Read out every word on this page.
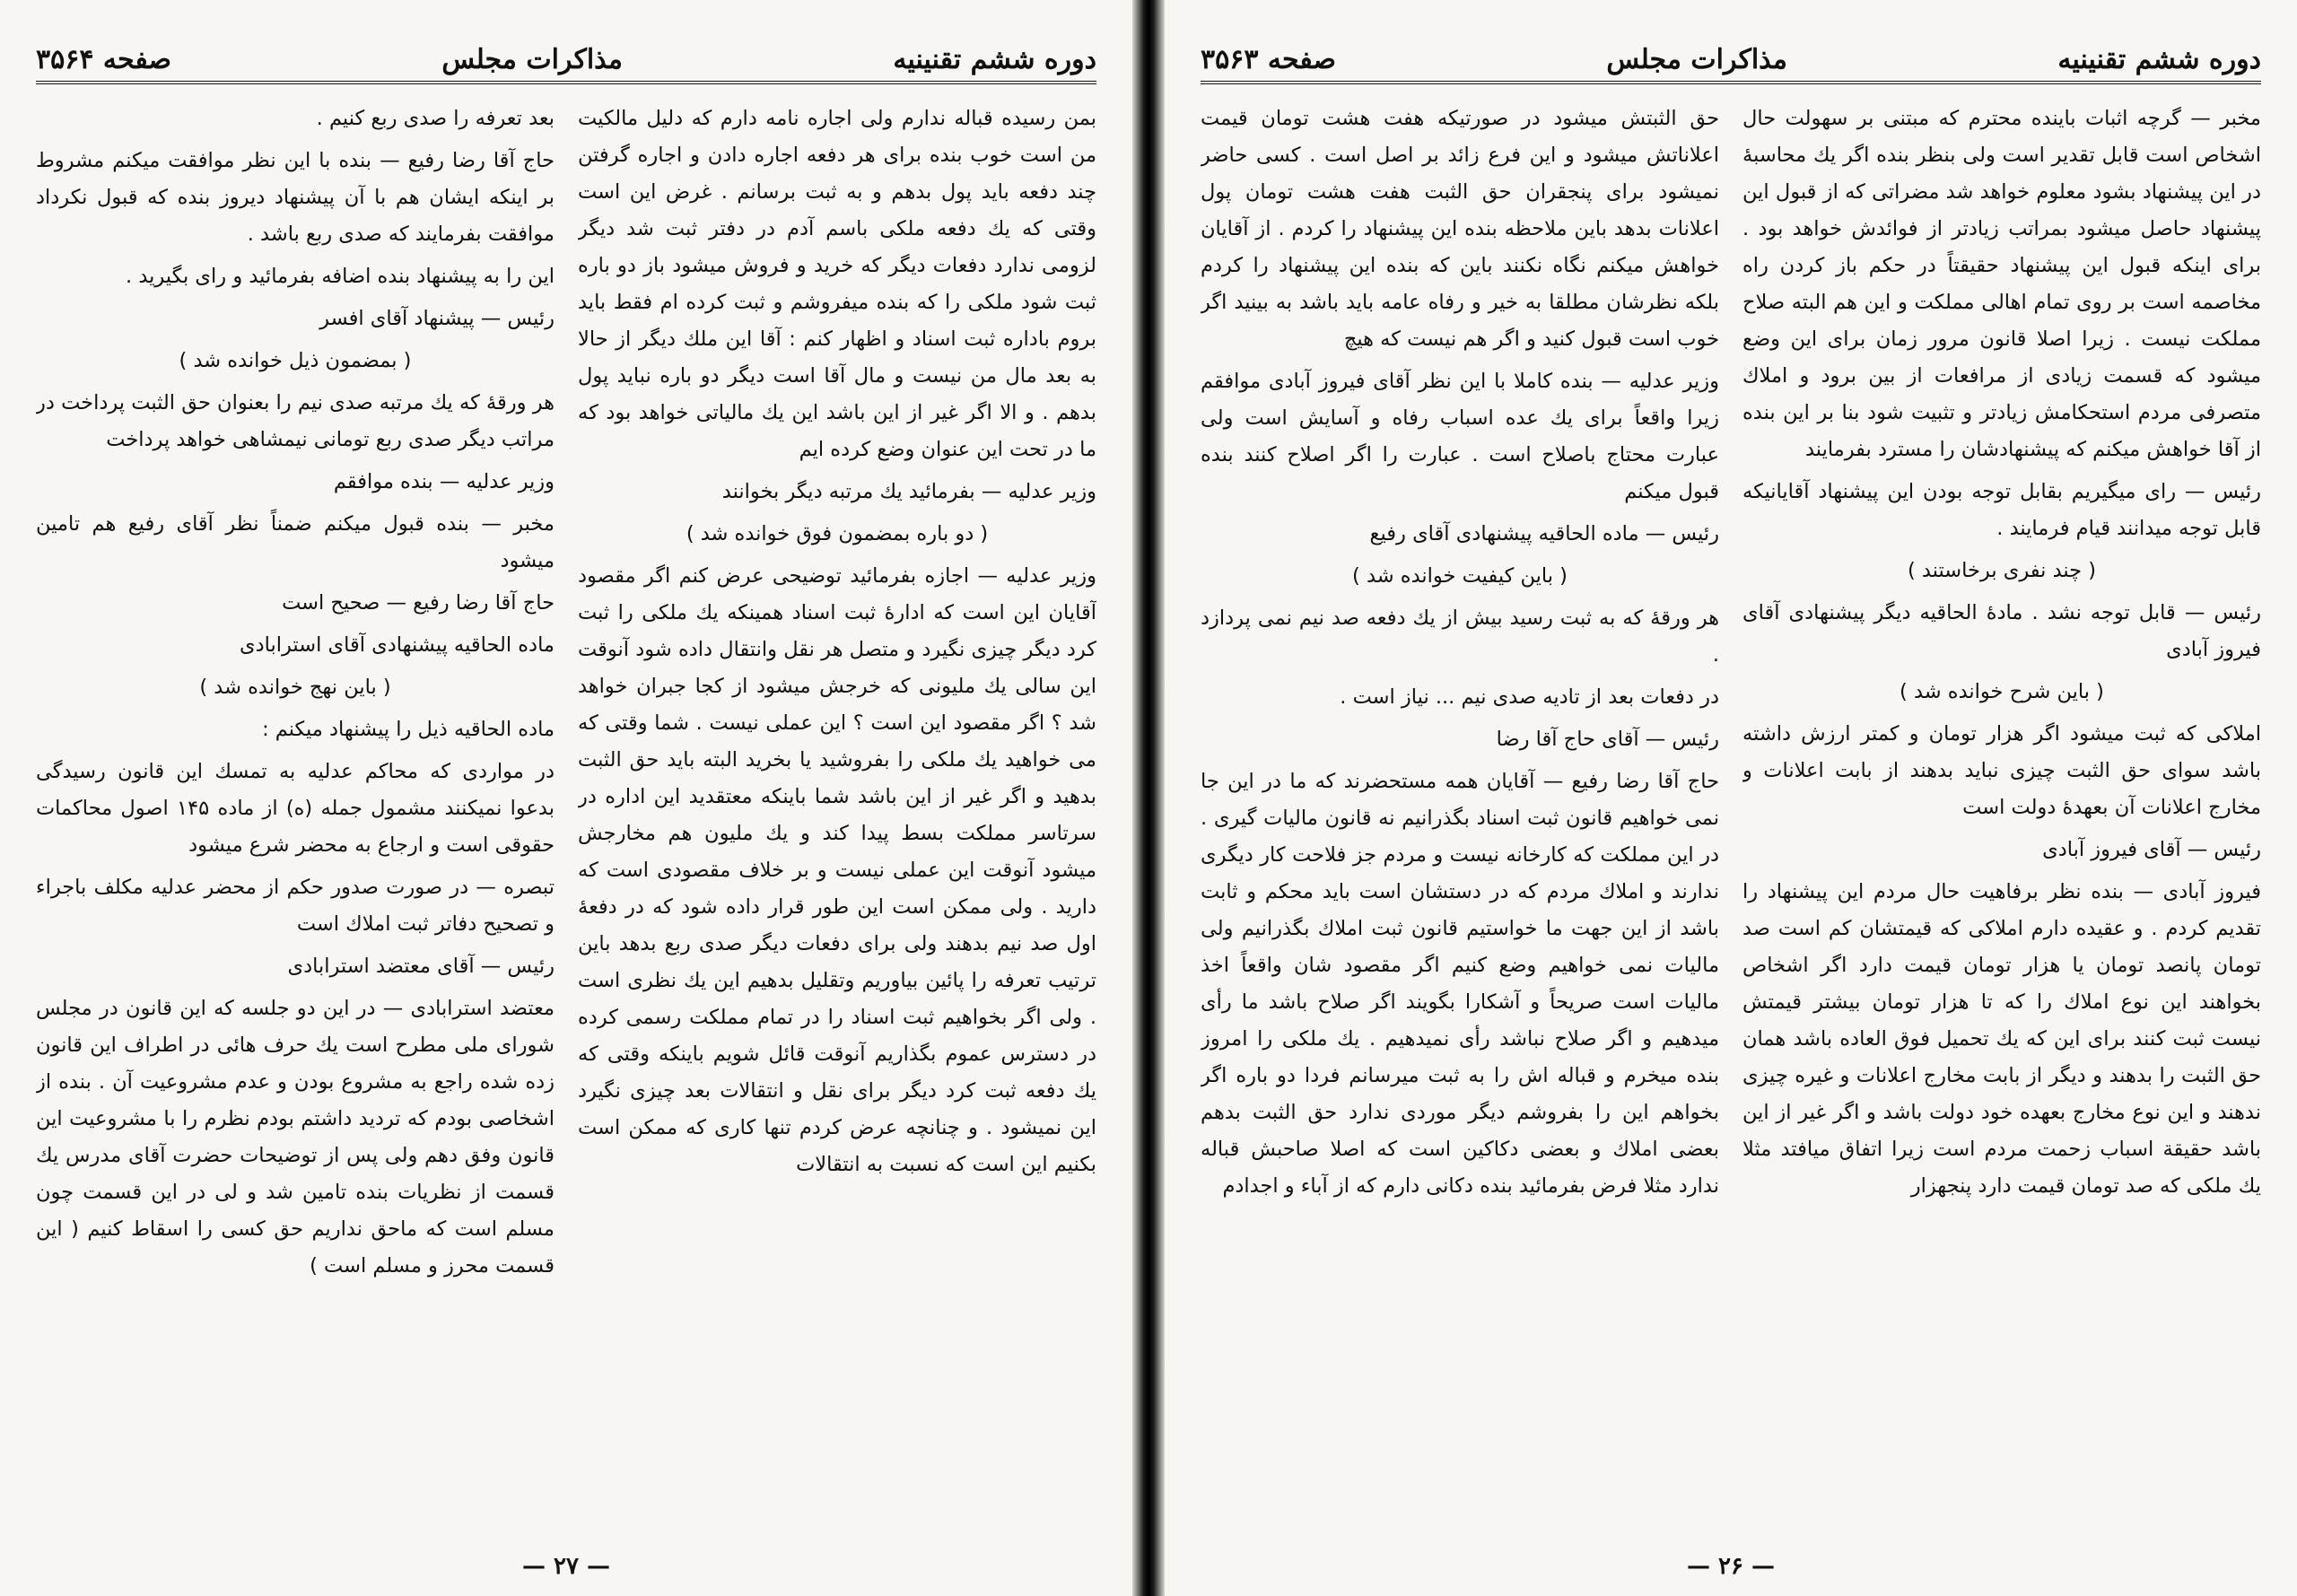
دوره ششم تقنینیه
مذاکرات مجلس
صفحه ۳۵۶۴

بمن رسیده قباله ندارم ولی اجاره نامه دارم که دلیل مالکیت من است خوب بنده برای هر دفعه اجاره دادن و اجاره گرفتن چند دفعه باید پول بدهم و به ثبت برسانم . غرض این است وقتی که یك دفعه ملکی باسم آدم در دفتر ثبت شد دیگر لزومی ندارد دفعات دیگر که خرید و فروش میشود باز دو باره ثبت شود ملکی را که بنده میفروشم و ثبت کرده ام فقط باید بروم باداره ثبت اسناد و اظهار کنم : آقا این ملك دیگر از حالا به بعد مال من نیست و مال آقا است دیگر دو باره نباید پول بدهم . و الا اگر غیر از این باشد این یك مالیاتی خواهد بود که ما در تحت این عنوان وضع کرده ایم

وزیر عدلیه — بفرمائید یك مرتبه دیگر بخوانند

( دو باره بمضمون فوق خوانده شد )

وزیر عدلیه — اجازه بفرمائید توضیحی عرض کنم اگر مقصود آقایان این است که ادارهٔ ثبت اسناد همینکه یك ملکی را ثبت کرد دیگر چیزی نگیرد و متصل هر نقل وانتقال داده شود آنوقت این سالی یك ملیونی که خرجش میشود از کجا جبران خواهد شد ؟ اگر مقصود این است ؟ این عملی نیست . شما وقتی که می خواهید یك ملکی را بفروشید یا بخرید البته باید حق الثبت بدهید و اگر غیر از این باشد شما باینکه معتقدید این اداره در سرتاسر مملکت بسط پیدا کند و یك ملیون هم مخارجش میشود آنوقت این عملی نیست و بر خلاف مقصودی است که دارید . ولی ممکن است این طور قرار داده شود که در دفعهٔ اول صد نیم بدهند ولی برای دفعات دیگر صدی ربع بدهد باین ترتیب تعرفه را پائین بیاوریم وتقلیل بدهیم این یك نظری است . ولی اگر بخواهیم ثبت اسناد را در تمام مملکت رسمی کرده در دسترس عموم بگذاریم آنوقت قائل شویم باینکه وقتی که یك دفعه ثبت کرد دیگر برای نقل و انتقالات بعد چیزی نگیرد این نمیشود . و چنانچه عرض کردم تنها کاری که ممکن است بکنیم این است که نسبت به انتقالات

بعد تعرفه را صدی ربع کنیم .

حاج آقا رضا رفیع — بنده با این نظر موافقت میکنم مشروط بر اینکه ایشان هم با آن پیشنهاد دیروز بنده که قبول نکرداد موافقت بفرمایند که صدی ربع باشد .

این را به پیشنهاد بنده اضافه بفرمائید و رای بگیرید .

رئیس — پیشنهاد آقای افسر

( بمضمون ذیل خوانده شد )

هر ورقهٔ که یك مرتبه صدی نیم را بعنوان حق الثبت پرداخت در مراتب دیگر صدی ربع تومانی نیمشاهی خواهد پرداخت

وزیر عدلیه — بنده موافقم

مخبر — بنده قبول میکنم ضمناً نظر آقای رفیع هم تامین میشود

حاج آقا رضا رفیع — صحیح است

ماده الحاقیه پیشنهادی آقای استرابادی

( باین نهج خوانده شد )

ماده الحاقیه ذیل را پیشنهاد میکنم :

در مواردی که محاکم عدلیه به تمسك این قانون رسیدگی بدعوا نمیکنند مشمول جمله (ه) از ماده ۱۴۵ اصول محاکمات حقوقی است و ارجاع به محضر شرع میشود

تبصره — در صورت صدور حکم از محضر عدلیه مکلف باجراء و تصحیح دفاتر ثبت املاك است

رئیس — آقای معتضد استرابادی

معتضد استرابادی — در این دو جلسه که این قانون در مجلس شورای ملی مطرح است یك حرف هائی در اطراف این قانون زده شده راجع به مشروع بودن و عدم مشروعیت آن . بنده از اشخاصی بودم که تردید داشتم بودم نظرم را با مشروعیت این قانون وفق دهم ولی پس از توضیحات حضرت آقای مدرس یك قسمت از نظریات بنده تامین شد و لی در این قسمت چون مسلم است که ماحق نداریم حق کسی را اسقاط کنیم ( این قسمت محرز و مسلم است )

— ۲۷ —
دوره ششم تقنینیه
مذاکرات مجلس
صفحه ۳۵۶۳

مخبر — گرچه اثبات باینده محترم که مبتنی بر سهولت حال اشخاص است قابل تقدیر است ولی بنظر بنده اگر یك محاسبهٔ در این پیشنهاد بشود معلوم خواهد شد مضراتی که از قبول این پیشنهاد حاصل میشود بمراتب زیادتر از فوائدش خواهد بود . برای اینکه قبول این پیشنهاد حقیقتاً در حکم باز کردن راه مخاصمه است بر روی تمام اهالی مملکت و این هم البته صلاح مملکت نیست . زیرا اصلا قانون مرور زمان برای این وضع میشود که قسمت زیادی از مرافعات از بین برود و املاك متصرفی مردم استحکامش زیادتر و تثبیت شود بنا بر این بنده از آقا خواهش میکنم که پیشنهادشان را مسترد بفرمایند

رئیس — رای میگیریم بقابل توجه بودن این پیشنهاد آقایانیکه قابل توجه میدانند قیام فرمایند .

( چند نفری برخاستند )

رئیس — قابل توجه نشد . مادهٔ الحاقیه دیگر پیشنهادی آقای فیروز آبادی

( باین شرح خوانده شد )

املاکی که ثبت میشود اگر هزار تومان و کمتر ارزش داشته باشد سوای حق الثبت چیزی نباید بدهند از بابت اعلانات و مخارج اعلانات آن بعهدهٔ دولت است

رئیس — آقای فیروز آبادی

فیروز آبادی — بنده نظر برفاهیت حال مردم این پیشنهاد را تقدیم کردم . و عقیده دارم املاکی که قیمتشان کم است صد تومان پانصد تومان یا هزار تومان قیمت دارد اگر اشخاص بخواهند این نوع املاك را که تا هزار تومان بیشتر قیمتش نیست ثبت کنند برای این که یك تحمیل فوق العاده باشد همان حق الثبت را بدهند و دیگر از بابت مخارج اعلانات و غیره چیزی ندهند و این نوع مخارج بعهده خود دولت باشد و اگر غیر از این باشد حقیقة اسباب زحمت مردم است زیرا اتفاق میافتد مثلا یك ملکی که صد تومان قیمت دارد پنجهزار

حق الثبتش میشود در صورتیکه هفت هشت تومان قیمت اعلاناتش میشود و این فرع زائد بر اصل است . کسی حاضر نمیشود برای پنجقران حق الثبت هفت هشت تومان پول اعلانات بدهد باین ملاحظه بنده این پیشنهاد را کردم . از آقایان خواهش میکنم نگاه نکنند باین که بنده این پیشنهاد را کردم بلکه نظرشان مطلقا به خیر و رفاه عامه باید باشد به بینید اگر خوب است قبول کنید و اگر هم نیست که هیچ

وزیر عدلیه — بنده کاملا با این نظر آقای فیروز آبادی موافقم زیرا واقعاً برای یك عده اسباب رفاه و آسایش است ولی عبارت محتاج باصلاح است . عبارت را اگر اصلاح کنند بنده قبول میکنم

رئیس — ماده الحاقیه پیشنهادی آقای رفیع

( باین کیفیت خوانده شد )

هر ورقهٔ که به ثبت رسید بیش از یك دفعه صد نیم نمی پردازد .

در دفعات بعد از تادیه صدی نیم ... نیاز است .

رئیس — آقای حاج آقا رضا

حاج آقا رضا رفیع — آقایان همه مستحضرند که ما در این جا نمی خواهیم قانون ثبت اسناد بگذرانیم نه قانون مالیات گیری . در این مملکت که کارخانه نیست و مردم جز فلاحت کار دیگری ندارند و املاك مردم که در دستشان است باید محکم و ثابت باشد از این جهت ما خواستیم قانون ثبت املاك بگذرانیم ولی مالیات نمی خواهیم وضع کنیم اگر مقصود شان واقعاً اخذ مالیات است صریحاً و آشکارا بگویند اگر صلاح باشد ما رأی میدهیم و اگر صلاح نباشد رأی نمیدهیم . یك ملکی را امروز بنده میخرم و قباله اش را به ثبت میرسانم فردا دو باره اگر بخواهم این را بفروشم دیگر موردی ندارد حق الثبت بدهم بعضی املاك و بعضی دکاکین است که اصلا صاحبش قباله ندارد مثلا فرض بفرمائید بنده دکانی دارم که از آباء و اجدادم

— ۲۶ —
